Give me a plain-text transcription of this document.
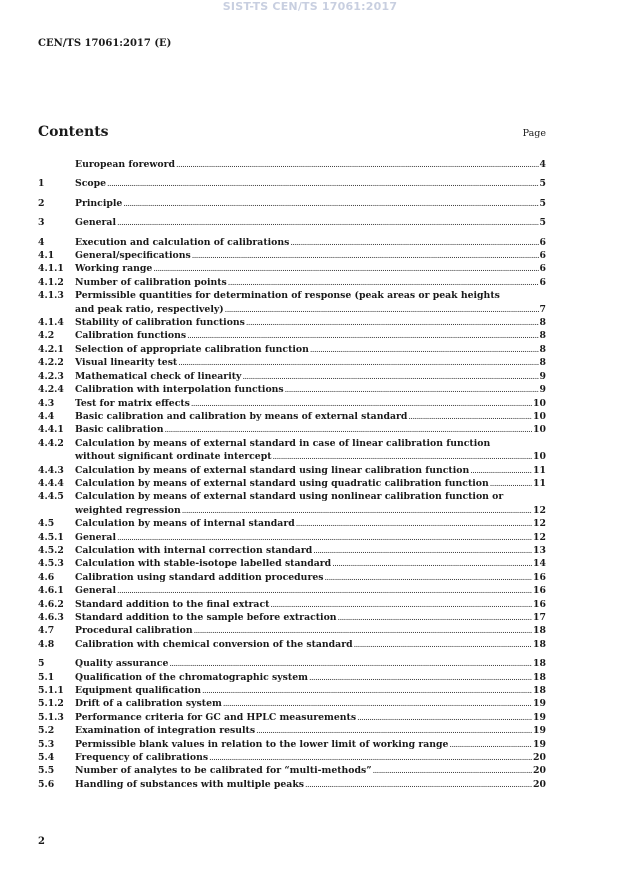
SIST-TS CEN/TS 17061:2017
CEN/TS 17061:2017 (E)
Contents	Page
European foreword .....	4
1	Scope .....	5
2	Principle .....	5
3	General .....	5
4	Execution and calculation of calibrations .....	6
4.1	General/specifications .....	6
4.1.1	Working range .....	6
4.1.2	Number of calibration points .....	6
4.1.3	Permissible quantities for determination of response (peak areas or peak heights
and peak ratio, respectively) .....	7
4.1.4	Stability of calibration functions .....	8
4.2	Calibration functions .....	8
4.2.1	Selection of appropriate calibration function .....	8
4.2.2	Visual linearity test .....	8
4.2.3	Mathematical check of linearity .....	9
4.2.4	Calibration with interpolation functions .....	9
4.3	Test for matrix effects .....	10
4.4	Basic calibration and calibration by means of external standard .....	10
4.4.1	Basic calibration .....	10
4.4.2	Calculation by means of external standard in case of linear calibration function
without significant ordinate intercept .....	10
4.4.3	Calculation by means of external standard using linear calibration function .....	11
4.4.4	Calculation by means of external standard using quadratic calibration function .....	11
4.4.5	Calculation by means of external standard using nonlinear calibration function or
weighted regression .....	12
4.5	Calculation by means of internal standard .....	12
4.5.1	General .....	12
4.5.2	Calculation with internal correction standard .....	13
4.5.3	Calculation with stable-isotope labelled standard .....	14
4.6	Calibration using standard addition procedures .....	16
4.6.1	General .....	16
4.6.2	Standard addition to the final extract .....	16
4.6.3	Standard addition to the sample before extraction .....	17
4.7	Procedural calibration .....	18
4.8	Calibration with chemical conversion of the standard .....	18
5	Quality assurance .....	18
5.1	Qualification of the chromatographic system .....	18
5.1.1	Equipment qualification .....	18
5.1.2	Drift of a calibration system .....	19
5.1.3	Performance criteria for GC and HPLC measurements .....	19
5.2	Examination of integration results .....	19
5.3	Permissible blank values in relation to the lower limit of working range .....	19
5.4	Frequency of calibrations .....	20
5.5	Number of analytes to be calibrated for “multi-methods” .....	20
5.6	Handling of substances with multiple peaks .....	20
2
